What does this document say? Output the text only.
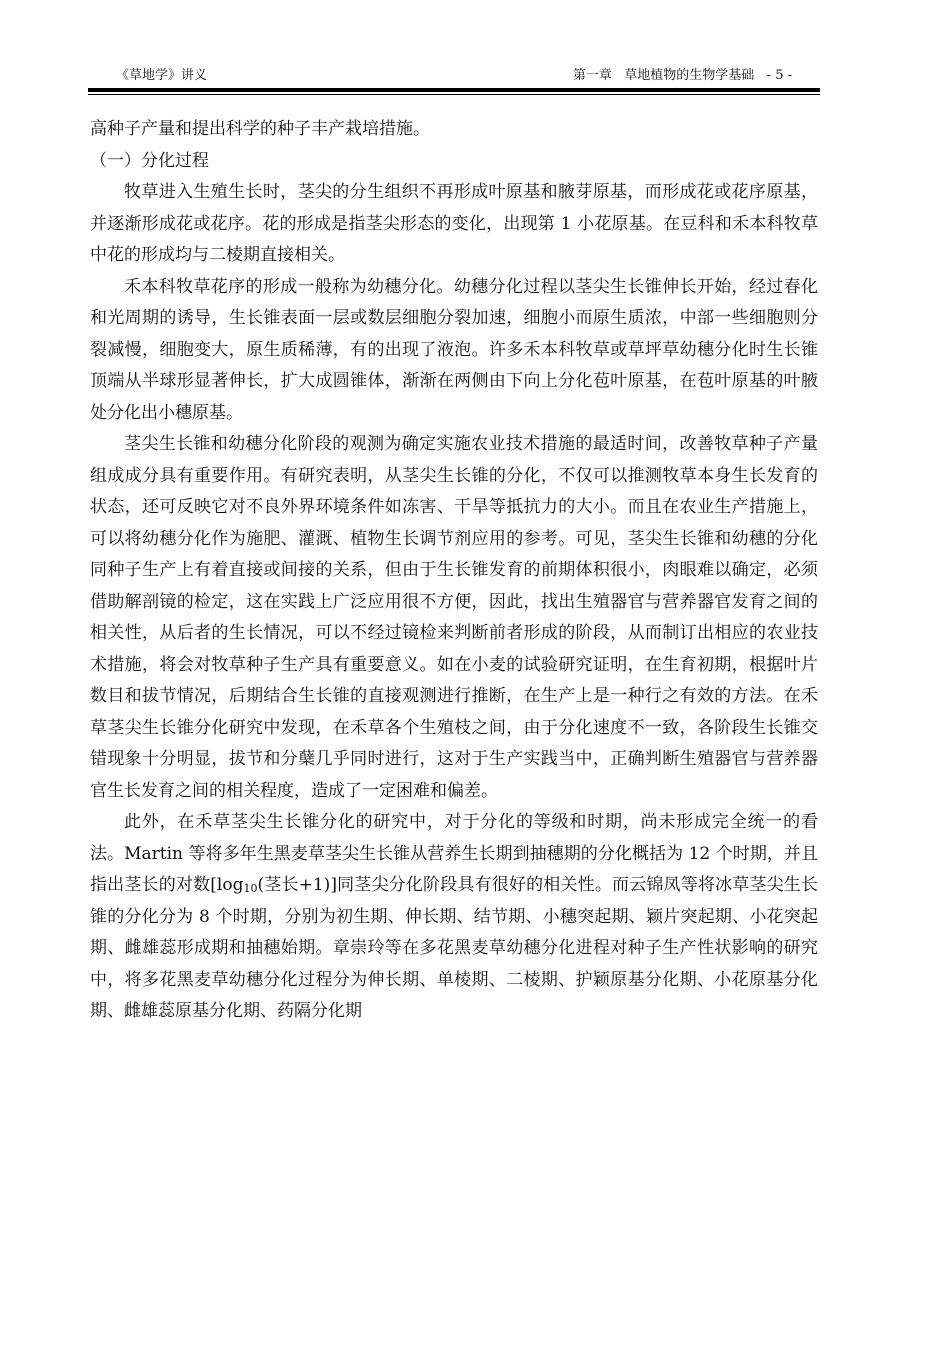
《草地学》讲义	第一章   草地植物的生物学基础   - 5 -

高种子产量和提出科学的种子丰产栽培措施。

（一）分化过程

牧草进入生殖生长时，茎尖的分生组织不再形成叶原基和腋芽原基，而形成花或花序原基，并逐渐形成花或花序。花的形成是指茎尖形态的变化，出现第 1 小花原基。在豆科和禾本科牧草中花的形成均与二棱期直接相关。

禾本科牧草花序的形成一般称为幼穗分化。幼穗分化过程以茎尖生长锥伸长开始，经过春化和光周期的诱导，生长锥表面一层或数层细胞分裂加速，细胞小而原生质浓，中部一些细胞则分裂减慢，细胞变大，原生质稀薄，有的出现了液泡。许多禾本科牧草或草坪草幼穗分化时生长锥顶端从半球形显著伸长，扩大成圆锥体，渐渐在两侧由下向上分化苞叶原基，在苞叶原基的叶腋处分化出小穗原基。

茎尖生长锥和幼穗分化阶段的观测为确定实施农业技术措施的最适时间，改善牧草种子产量组成成分具有重要作用。有研究表明，从茎尖生长锥的分化，不仅可以推测牧草本身生长发育的状态，还可反映它对不良外界环境条件如冻害、干旱等抵抗力的大小。而且在农业生产措施上，可以将幼穗分化作为施肥、灌溉、植物生长调节剂应用的参考。可见，茎尖生长锥和幼穗的分化同种子生产上有着直接或间接的关系，但由于生长锥发育的前期体积很小，肉眼难以确定，必须借助解剖镜的检定，这在实践上广泛应用很不方便，因此，找出生殖器官与营养器官发育之间的相关性，从后者的生长情况，可以不经过镜检来判断前者形成的阶段，从而制订出相应的农业技术措施，将会对牧草种子生产具有重要意义。如在小麦的试验研究证明，在生育初期，根据叶片数目和拔节情况，后期结合生长锥的直接观测进行推断，在生产上是一种行之有效的方法。在禾草茎尖生长锥分化研究中发现，在禾草各个生殖枝之间，由于分化速度不一致，各阶段生长锥交错现象十分明显，拔节和分蘖几乎同时进行，这对于生产实践当中，正确判断生殖器官与营养器官生长发育之间的相关程度，造成了一定困难和偏差。

此外，在禾草茎尖生长锥分化的研究中，对于分化的等级和时期，尚未形成完全统一的看法。Martin 等将多年生黑麦草茎尖生长锥从营养生长期到抽穗期的分化概括为 12 个时期，并且指出茎长的对数[$\log_{10}$(茎长+1)]同茎尖分化阶段具有很好的相关性。而云锦凤等将冰草茎尖生长锥的分化分为 8 个时期，分别为初生期、伸长期、结节期、小穗突起期、颖片突起期、小花突起期、雌雄蕊形成期和抽穗始期。章崇玲等在多花黑麦草幼穗分化进程对种子生产性状影响的研究中，将多花黑麦草幼穗分化过程分为伸长期、单棱期、二棱期、护颖原基分化期、小花原基分化期、雌雄蕊原基分化期、药隔分化期
